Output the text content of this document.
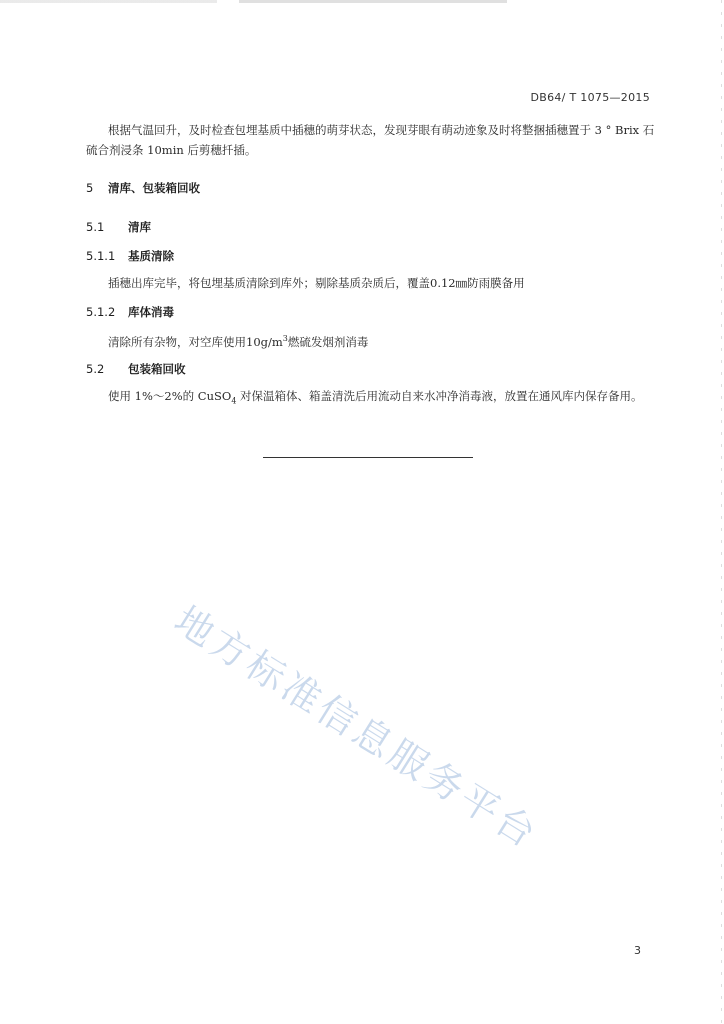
DB64/ T 1075—2015
根据气温回升，及时检查包埋基质中插穗的萌芽状态，发现芽眼有萌动迹象及时将整捆插穗置于 3 ° Brix 石硫合剂浸条 10min 后剪穗扦插。
5 清库、包装箱回收
5.1 清库
5.1.1 基质清除
插穗出库完毕，将包埋基质清除到库外；剔除基质杂质后，覆盖0.12㎜防雨膜备用
5.1.2 库体消毒
清除所有杂物，对空库使用$10g/m^3$燃硫发烟剂消毒
5.2 包装箱回收
使用 1%～2%的 CuSO$_4$ 对保温箱体、箱盖清洗后用流动自来水冲净消毒液，放置在通风库内保存备用。
地方标准信息服务平台
3
